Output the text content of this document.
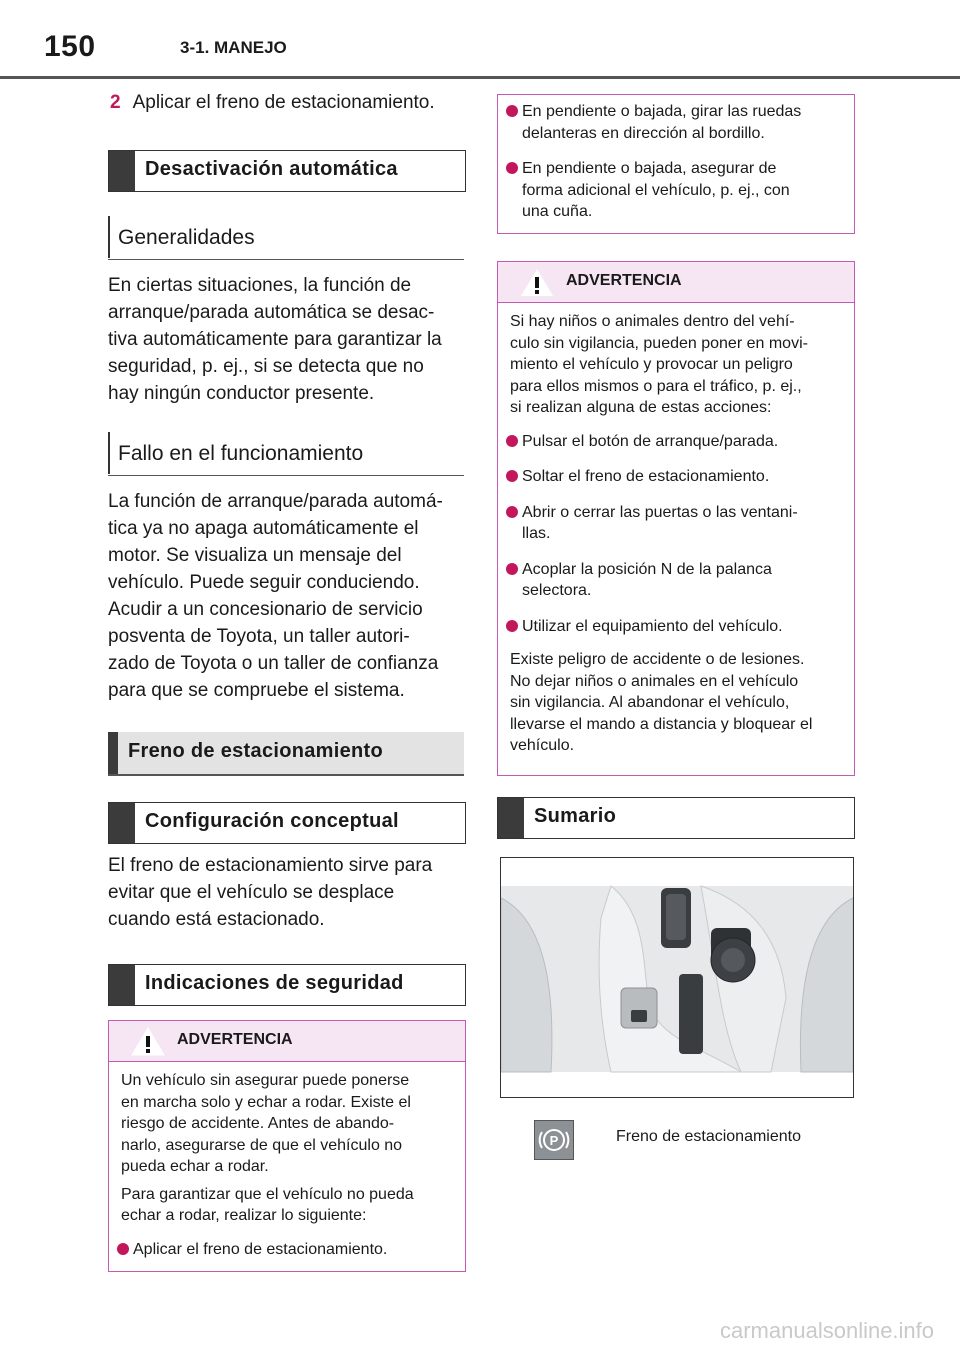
150	3-1. MANEJO
2 Aplicar el freno de estacionamiento.
Desactivación automática
Generalidades
En ciertas situaciones, la función de
arranque/parada automática se desac-
tiva automáticamente para garantizar la
seguridad, p. ej., si se detecta que no
hay ningún conductor presente.
Fallo en el funcionamiento
La función de arranque/parada automá-
tica ya no apaga automáticamente el
motor. Se visualiza un mensaje del
vehículo. Puede seguir conduciendo.
Acudir a un concesionario de servicio
posventa de Toyota, un taller autori-
zado de Toyota o un taller de confianza
para que se compruebe el sistema.
Freno de estacionamiento
Configuración conceptual
El freno de estacionamiento sirve para
evitar que el vehículo se desplace
cuando está estacionado.
Indicaciones de seguridad
ADVERTENCIA
Un vehículo sin asegurar puede ponerse
en marcha solo y echar a rodar. Existe el
riesgo de accidente. Antes de abando-
narlo, asegurarse de que el vehículo no
pueda echar a rodar.
Para garantizar que el vehículo no pueda
echar a rodar, realizar lo siguiente:
Aplicar el freno de estacionamiento.
En pendiente o bajada, girar las ruedas
delanteras en dirección al bordillo.
En pendiente o bajada, asegurar de
forma adicional el vehículo, p. ej., con
una cuña.
ADVERTENCIA
Si hay niños o animales dentro del vehí-
culo sin vigilancia, pueden poner en movi-
miento el vehículo y provocar un peligro
para ellos mismos o para el tráfico, p. ej.,
si realizan alguna de estas acciones:
Pulsar el botón de arranque/parada.
Soltar el freno de estacionamiento.
Abrir o cerrar las puertas o las ventani-
llas.
Acoplar la posición N de la palanca
selectora.
Utilizar el equipamiento del vehículo.
Existe peligro de accidente o de lesiones.
No dejar niños o animales en el vehículo
sin vigilancia. Al abandonar el vehículo,
llevarse el mando a distancia y bloquear el
vehículo.
Sumario
P	Freno de estacionamiento
carmanualsonline.info
